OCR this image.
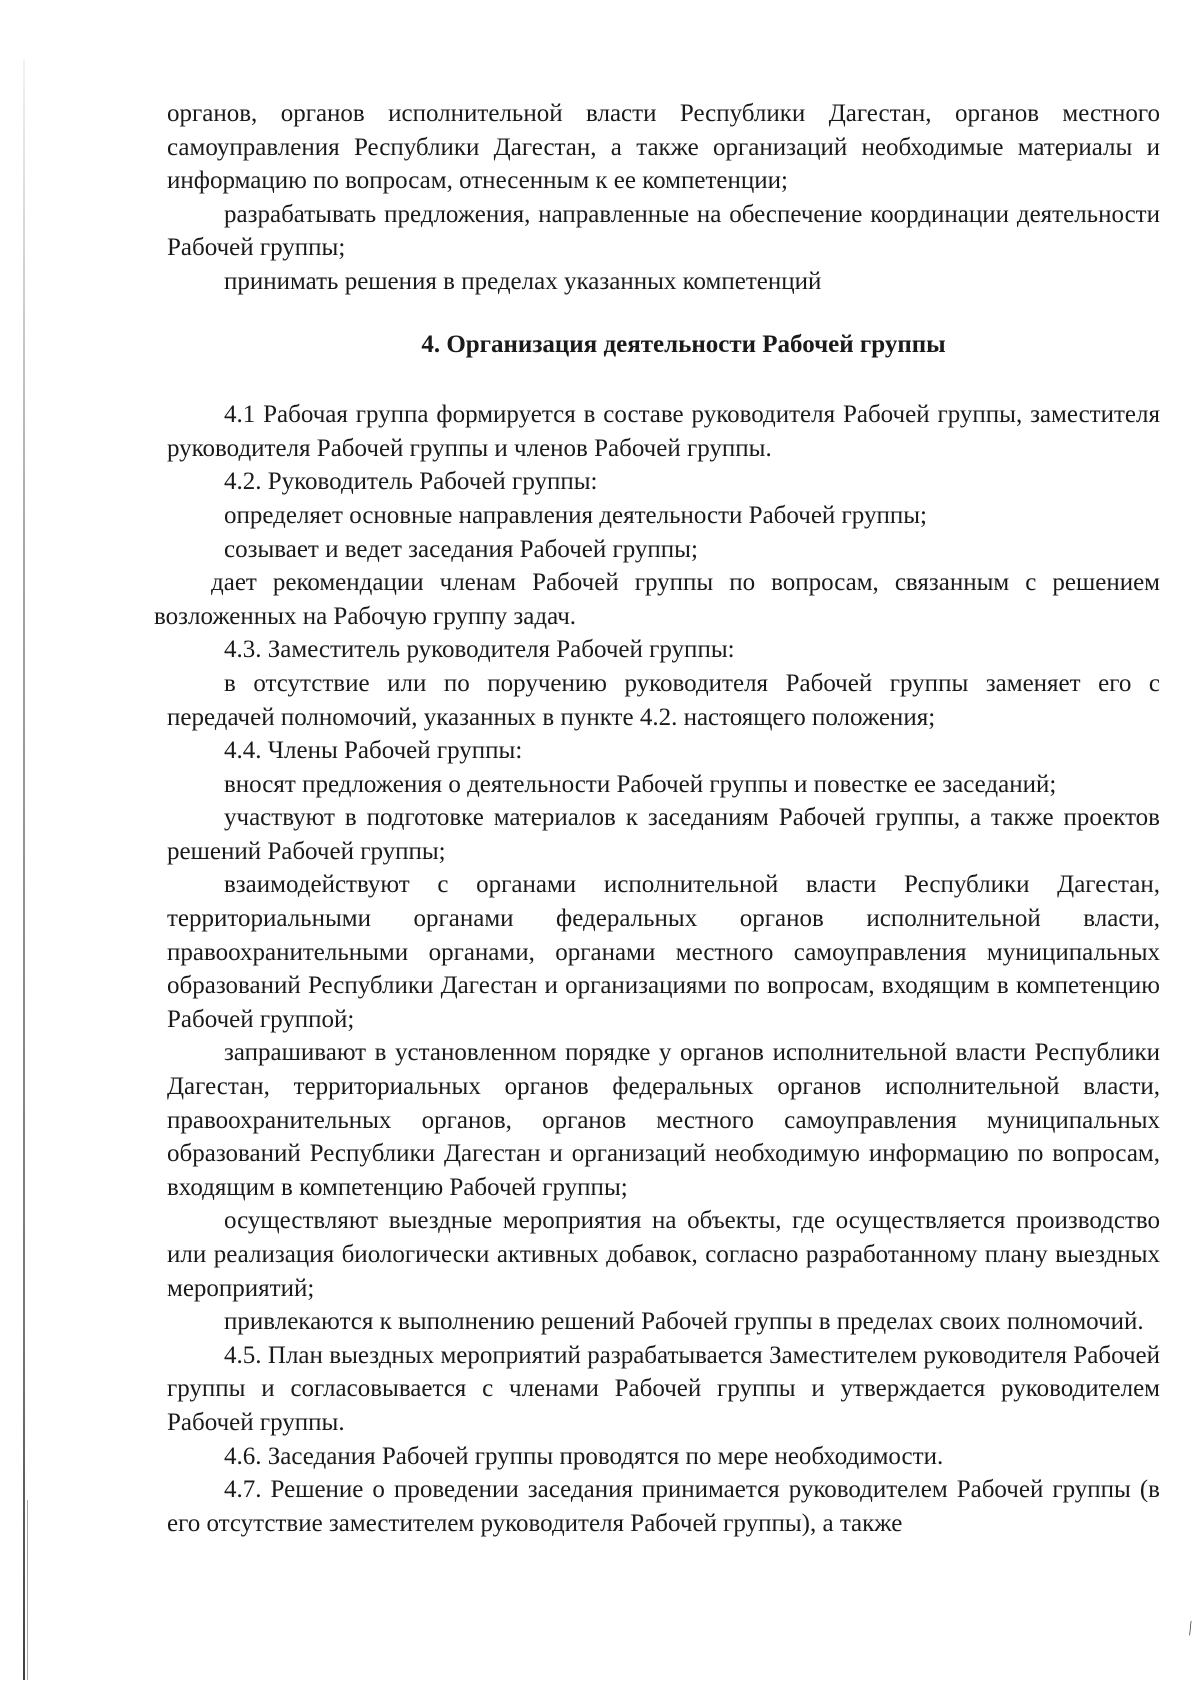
органов, органов исполнительной власти Республики Дагестан, органов местного самоуправления Республики Дагестан, а также организаций необходимые материалы и информацию по вопросам, отнесенным к ее компетенции;

разрабатывать предложения, направленные на обеспечение координации деятельности Рабочей группы;

принимать решения в пределах указанных компетенций

4. Организация деятельности Рабочей группы

4.1 Рабочая группа формируется в составе руководителя Рабочей группы, заместителя руководителя Рабочей группы и членов Рабочей группы.

4.2. Руководитель Рабочей группы:

определяет основные направления деятельности Рабочей группы;

созывает и ведет заседания Рабочей группы;

дает рекомендации членам Рабочей группы по вопросам, связанным с решением возложенных на Рабочую группу задач.

4.3. Заместитель руководителя Рабочей группы:

в отсутствие или по поручению руководителя Рабочей группы заменяет его с передачей полномочий, указанных в пункте 4.2. настоящего положения;

4.4. Члены Рабочей группы:

вносят предложения о деятельности Рабочей группы и повестке ее заседаний;

участвуют в подготовке материалов к заседаниям Рабочей группы, а также проектов решений Рабочей группы;

взаимодействуют с органами исполнительной власти Республики Дагестан, территориальными органами федеральных органов исполнительной власти, правоохранительными органами, органами местного самоуправления муниципальных образований Республики Дагестан и организациями по вопросам, входящим в компетенцию Рабочей группой;

запрашивают в установленном порядке у органов исполнительной власти Республики Дагестан, территориальных органов федеральных органов исполнительной власти, правоохранительных органов, органов местного самоуправления муниципальных образований Республики Дагестан и организаций необходимую информацию по вопросам, входящим в компетенцию Рабочей группы;

осуществляют выездные мероприятия на объекты, где осуществляется производство или реализация биологически активных добавок, согласно разработанному плану выездных мероприятий;

привлекаются к выполнению решений Рабочей группы в пределах своих полномочий.

4.5. План выездных мероприятий разрабатывается Заместителем руководителя Рабочей группы и согласовывается с членами Рабочей группы и утверждается руководителем Рабочей группы.

4.6. Заседания Рабочей группы проводятся по мере необходимости.

4.7. Решение о проведении заседания принимается руководителем Рабочей группы (в его отсутствие заместителем руководителя Рабочей группы), а также

⁄
